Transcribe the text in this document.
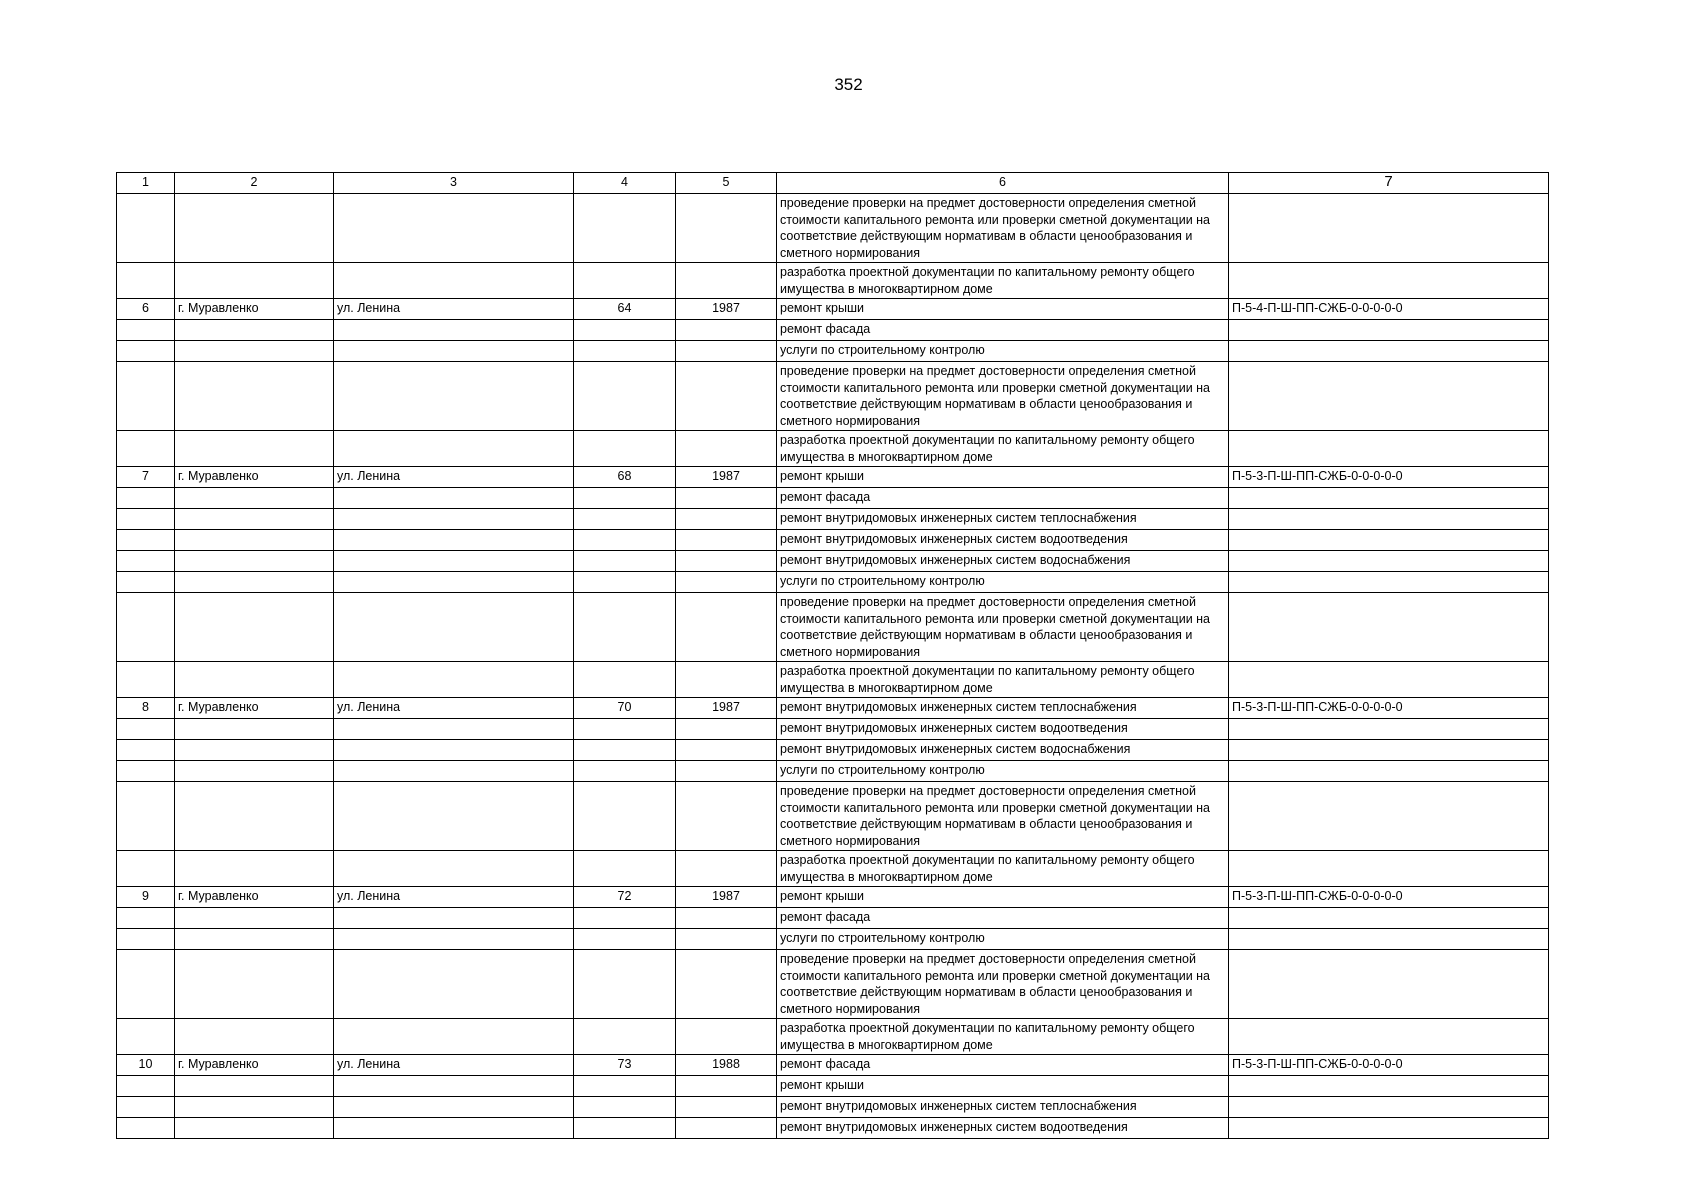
352
1	2	3	4	5	6	7
					проведение проверки на предмет достоверности определения сметной стоимости капитального ремонта или проверки сметной документации на соответствие действующим нормативам в области ценообразования и сметного нормирования	
					разработка проектной документации по капитальному ремонту общего имущества в многоквартирном доме	
6	г. Муравленко	ул. Ленина	64	1987	ремонт крыши	П-5-4-П-Ш-ПП-СЖБ-0-0-0-0-0
					ремонт фасада	
					услуги по строительному контролю	
					проведение проверки на предмет достоверности определения сметной стоимости капитального ремонта или проверки сметной документации на соответствие действующим нормативам в области ценообразования и сметного нормирования	
					разработка проектной документации по капитальному ремонту общего имущества в многоквартирном доме	
7	г. Муравленко	ул. Ленина	68	1987	ремонт крыши	П-5-3-П-Ш-ПП-СЖБ-0-0-0-0-0
					ремонт фасада	
					ремонт внутридомовых инженерных систем теплоснабжения	
					ремонт внутридомовых инженерных систем водоотведения	
					ремонт внутридомовых инженерных систем водоснабжения	
					услуги по строительному контролю	
					проведение проверки на предмет достоверности определения сметной стоимости капитального ремонта или проверки сметной документации на соответствие действующим нормативам в области ценообразования и сметного нормирования	
					разработка проектной документации по капитальному ремонту общего имущества в многоквартирном доме	
8	г. Муравленко	ул. Ленина	70	1987	ремонт внутридомовых инженерных систем теплоснабжения	П-5-3-П-Ш-ПП-СЖБ-0-0-0-0-0
					ремонт внутридомовых инженерных систем водоотведения	
					ремонт внутридомовых инженерных систем водоснабжения	
					услуги по строительному контролю	
					проведение проверки на предмет достоверности определения сметной стоимости капитального ремонта или проверки сметной документации на соответствие действующим нормативам в области ценообразования и сметного нормирования	
					разработка проектной документации по капитальному ремонту общего имущества в многоквартирном доме	
9	г. Муравленко	ул. Ленина	72	1987	ремонт крыши	П-5-3-П-Ш-ПП-СЖБ-0-0-0-0-0
					ремонт фасада	
					услуги по строительному контролю	
					проведение проверки на предмет достоверности определения сметной стоимости капитального ремонта или проверки сметной документации на соответствие действующим нормативам в области ценообразования и сметного нормирования	
					разработка проектной документации по капитальному ремонту общего имущества в многоквартирном доме	
10	г. Муравленко	ул. Ленина	73	1988	ремонт фасада	П-5-3-П-Ш-ПП-СЖБ-0-0-0-0-0
					ремонт крыши	
					ремонт внутридомовых инженерных систем теплоснабжения	
					ремонт внутридомовых инженерных систем водоотведения	
